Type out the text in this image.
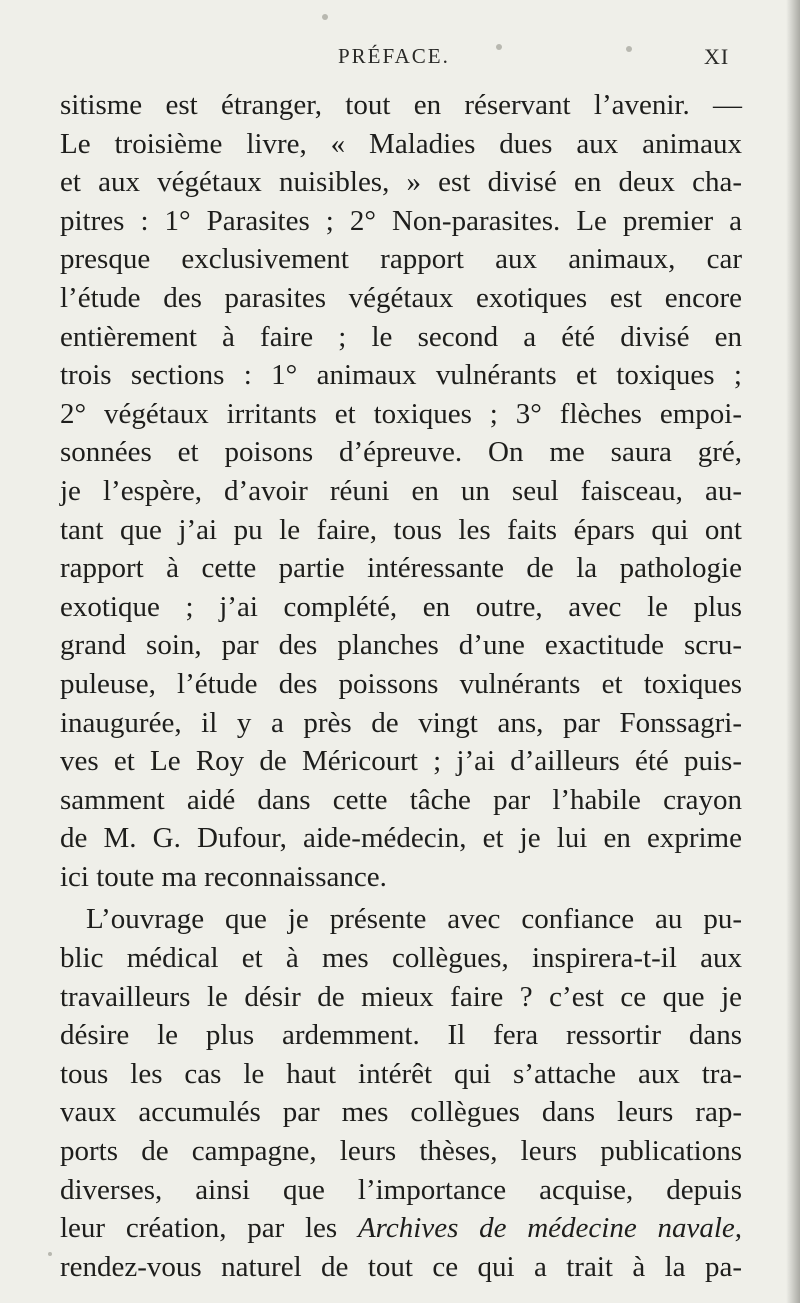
PRÉFACE.	XI
sitisme est étranger, tout en réservant l’avenir. —
Le troisième livre, « Maladies dues aux animaux
et aux végétaux nuisibles, » est divisé en deux cha-
pitres : 1° Parasites ; 2° Non-parasites. Le premier a
presque exclusivement rapport aux animaux, car
l’étude des parasites végétaux exotiques est encore
entièrement à faire ; le second a été divisé en
trois sections : 1° animaux vulnérants et toxiques ;
2° végétaux irritants et toxiques ; 3° flèches empoi-
sonnées et poisons d’épreuve. On me saura gré,
je l’espère, d’avoir réuni en un seul faisceau, au-
tant que j’ai pu le faire, tous les faits épars qui ont
rapport à cette partie intéressante de la pathologie
exotique ; j’ai complété, en outre, avec le plus
grand soin, par des planches d’une exactitude scru-
puleuse, l’étude des poissons vulnérants et toxiques
inaugurée, il y a près de vingt ans, par Fonssagri-
ves et Le Roy de Méricourt ; j’ai d’ailleurs été puis-
samment aidé dans cette tâche par l’habile crayon
de M. G. Dufour, aide-médecin, et je lui en exprime
ici toute ma reconnaissance.
L’ouvrage que je présente avec confiance au pu-
blic médical et à mes collègues, inspirera-t-il aux
travailleurs le désir de mieux faire ? c’est ce que je
désire le plus ardemment. Il fera ressortir dans
tous les cas le haut intérêt qui s’attache aux tra-
vaux accumulés par mes collègues dans leurs rap-
ports de campagne, leurs thèses, leurs publications
diverses, ainsi que l’importance acquise, depuis
leur création, par les Archives de médecine navale,
rendez-vous naturel de tout ce qui a trait à la pa-
